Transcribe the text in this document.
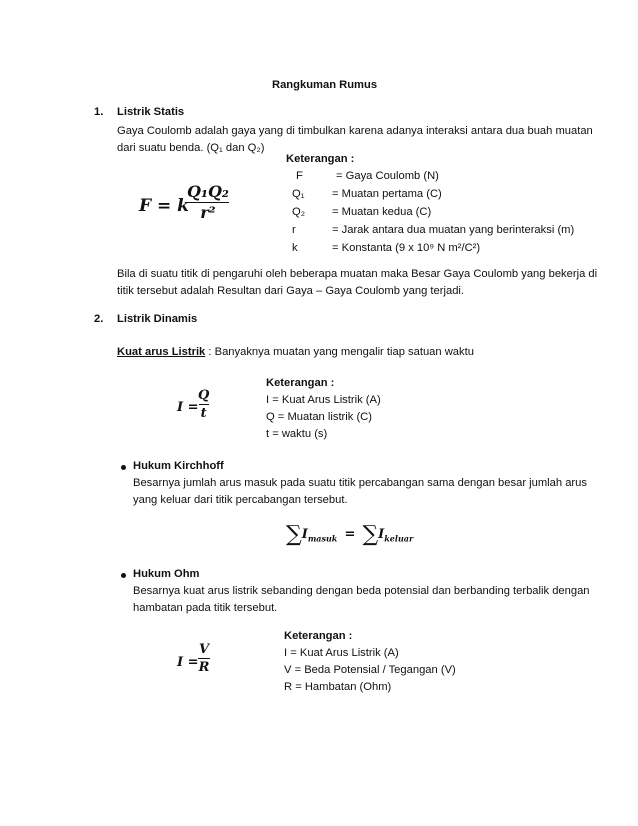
Rangkuman Rumus
1. Listrik Statis
Gaya Coulomb adalah gaya yang di timbulkan karena adanya interaksi antara dua buah muatan
dari suatu benda. (Q₁ dan Q₂)
F = k
Q₁Q₂
r²
Keterangan :
F	= Gaya Coulomb (N)
Q₁ = Muatan pertama (C)
Q₂ = Muatan kedua (C)
r	= Jarak antara dua muatan yang berinteraksi (m)
k	= Konstanta (9 x 10⁹ N m²/C²)
Bila di suatu titik di pengaruhi oleh beberapa muatan maka Besar Gaya Coulomb yang bekerja di
titik tersebut adalah Resultan dari Gaya – Gaya Coulomb yang terjadi.
2. Listrik Dinamis
Kuat arus Listrik : Banyaknya muatan yang mengalir tiap satuan waktu
I =
Q
t
Keterangan :
I = Kuat Arus Listrik (A)
Q = Muatan listrik (C)
t = waktu (s)
Hukum Kirchhoff
Besarnya jumlah arus masuk pada suatu titik percabangan sama dengan besar jumlah arus
yang keluar dari titik percabangan tersebut.
$\sum I_{masuk} = \sum I_{keluar}$
Hukum Ohm
Besarnya kuat arus listrik sebanding dengan beda potensial dan berbanding terbalik dengan
hambatan pada titik tersebut.
I =
V
R
Keterangan :
I = Kuat Arus Listrik (A)
V = Beda Potensial / Tegangan (V)
R = Hambatan (Ohm)
